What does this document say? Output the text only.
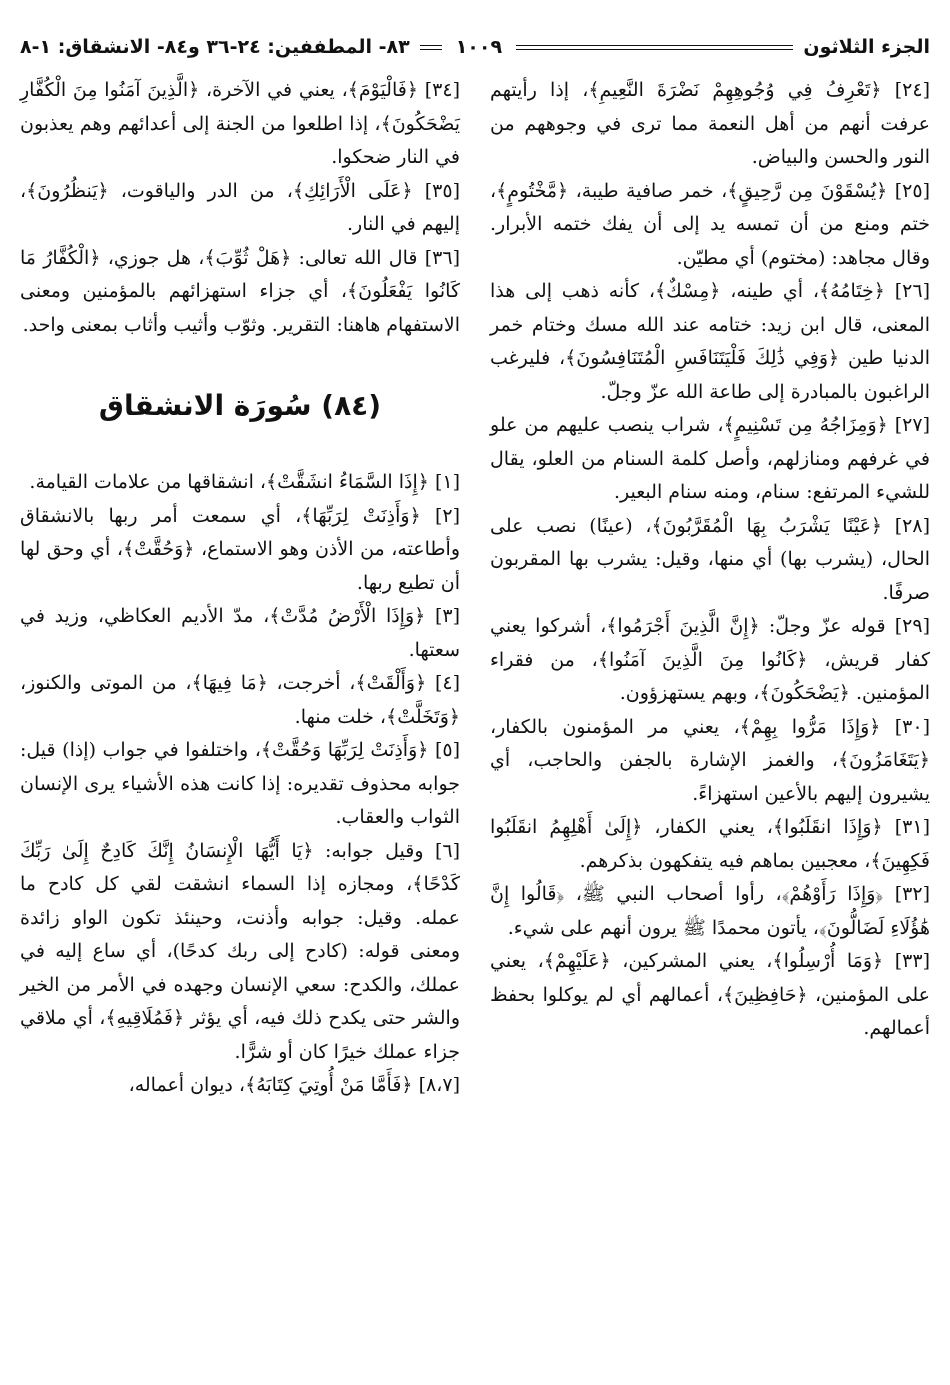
الجزء الثلاثون
١٠٠٩
٨٣- المطففين: ٢٤-٣٦ و٨٤- الانشقاق: ١-٨

[٢٤] ﴿تَعْرِفُ فِي وُجُوهِهِمْ نَضْرَةَ النَّعِيمِ﴾، إذا رأيتهم عرفت أنهم من أهل النعمة مما ترى في وجوههم من النور والحسن والبياض.

[٢٥] ﴿يُسْقَوْنَ مِن رَّحِيقٍ﴾، خمر صافية طيبة، ﴿مَّخْتُومٍ﴾، ختم ومنع من أن تمسه يد إلى أن يفك ختمه الأبرار. وقال مجاهد: (مختوم) أي مطيّن.

[٢٦] ﴿خِتَامُهُ﴾، أي طينه، ﴿مِسْكٌ﴾، كأنه ذهب إلى هذا المعنى، قال ابن زيد: ختامه عند الله مسك وختام خمر الدنيا طين ﴿وَفِي ذَٰلِكَ فَلْيَتَنَافَسِ الْمُتَنَافِسُونَ﴾، فليرغب الراغبون بالمبادرة إلى طاعة الله عزّ وجلّ.

[٢٧] ﴿وَمِزَاجُهُ مِن تَسْنِيمٍ﴾، شراب ينصب عليهم من علو في غرفهم ومنازلهم، وأصل كلمة السنام من العلو، يقال للشيء المرتفع: سنام، ومنه سنام البعير.

[٢٨] ﴿عَيْنًا يَشْرَبُ بِهَا الْمُقَرَّبُونَ﴾، (عينًا) نصب على الحال، (يشرب بها) أي منها، وقيل: يشرب بها المقربون صرفًا.

[٢٩] قوله عزّ وجلّ: ﴿إِنَّ الَّذِينَ أَجْرَمُوا﴾، أشركوا يعني كفار قريش، ﴿كَانُوا مِنَ الَّذِينَ آمَنُوا﴾، من فقراء المؤمنين. ﴿يَضْحَكُونَ﴾، وبهم يستهزؤون.

[٣٠] ﴿وَإِذَا مَرُّوا بِهِمْ﴾، يعني مر المؤمنون بالكفار، ﴿يَتَغَامَزُونَ﴾، والغمز الإشارة بالجفن والحاجب، أي يشيرون إليهم بالأعين استهزاءً.

[٣١] ﴿وَإِذَا انقَلَبُوا﴾، يعني الكفار، ﴿إِلَىٰ أَهْلِهِمُ انقَلَبُوا فَكِهِينَ﴾، معجبين بماهم فيه يتفكهون بذكرهم.

[٣٢] ﴿وَإِذَا رَأَوْهُمْ﴾، رأوا أصحاب النبي ﷺ، ﴿قَالُوا إِنَّ هَٰؤُلَاءِ لَضَالُّونَ﴾، يأتون محمدًا ﷺ يرون أنهم على شيء.

[٣٣] ﴿وَمَا أُرْسِلُوا﴾، يعني المشركين، ﴿عَلَيْهِمْ﴾، يعني على المؤمنين، ﴿حَافِظِينَ﴾، أعمالهم أي لم يوكلوا بحفظ أعمالهم.

[٣٤] ﴿فَالْيَوْمَ﴾، يعني في الآخرة، ﴿الَّذِينَ آمَنُوا مِنَ الْكُفَّارِ يَضْحَكُونَ﴾، إذا اطلعوا من الجنة إلى أعدائهم وهم يعذبون في النار ضحكوا.

[٣٥] ﴿عَلَى الْأَرَائِكِ﴾، من الدر والياقوت، ﴿يَنظُرُونَ﴾، إليهم في النار.

[٣٦] قال الله تعالى: ﴿هَلْ ثُوِّبَ﴾، هل جوزي، ﴿الْكُفَّارُ مَا كَانُوا يَفْعَلُونَ﴾، أي جزاء استهزائهم بالمؤمنين ومعنى الاستفهام هاهنا: التقرير. وثوّب وأثيب وأثاب بمعنى واحد.

(٨٤) سُورَة الانشقاق

[١] ﴿إِذَا السَّمَاءُ انشَقَّتْ﴾، انشقاقها من علامات القيامة.

[٢] ﴿وَأَذِنَتْ لِرَبِّهَا﴾، أي سمعت أمر ربها بالانشقاق وأطاعته، من الأذن وهو الاستماع، ﴿وَحُقَّتْ﴾، أي وحق لها أن تطيع ربها.

[٣] ﴿وَإِذَا الْأَرْضُ مُدَّتْ﴾، مدّ الأديم العكاظي، وزيد في سعتها.

[٤] ﴿وَأَلْقَتْ﴾، أخرجت، ﴿مَا فِيهَا﴾، من الموتى والكنوز، ﴿وَتَخَلَّتْ﴾، خلت منها.

[٥] ﴿وَأَذِنَتْ لِرَبِّهَا وَحُقَّتْ﴾، واختلفوا في جواب (إذا) قيل: جوابه محذوف تقديره: إذا كانت هذه الأشياء يرى الإنسان الثواب والعقاب.

[٦] وقيل جوابه: ﴿يَا أَيُّهَا الْإِنسَانُ إِنَّكَ كَادِحٌ إِلَىٰ رَبِّكَ كَدْحًا﴾، ومجازه إذا السماء انشقت لقي كل كادح ما عمله. وقيل: جوابه وأذنت، وحينئذ تكون الواو زائدة ومعنى قوله: (كادح إلى ربك كدحًا)، أي ساع إليه في عملك، والكدح: سعي الإنسان وجهده في الأمر من الخير والشر حتى يكدح ذلك فيه، أي يؤثر ﴿فَمُلَاقِيهِ﴾، أي ملاقي جزاء عملك خيرًا كان أو شرًّا.

[٨،٧] ﴿فَأَمَّا مَنْ أُوتِيَ كِتَابَهُ﴾، ديوان أعماله،
